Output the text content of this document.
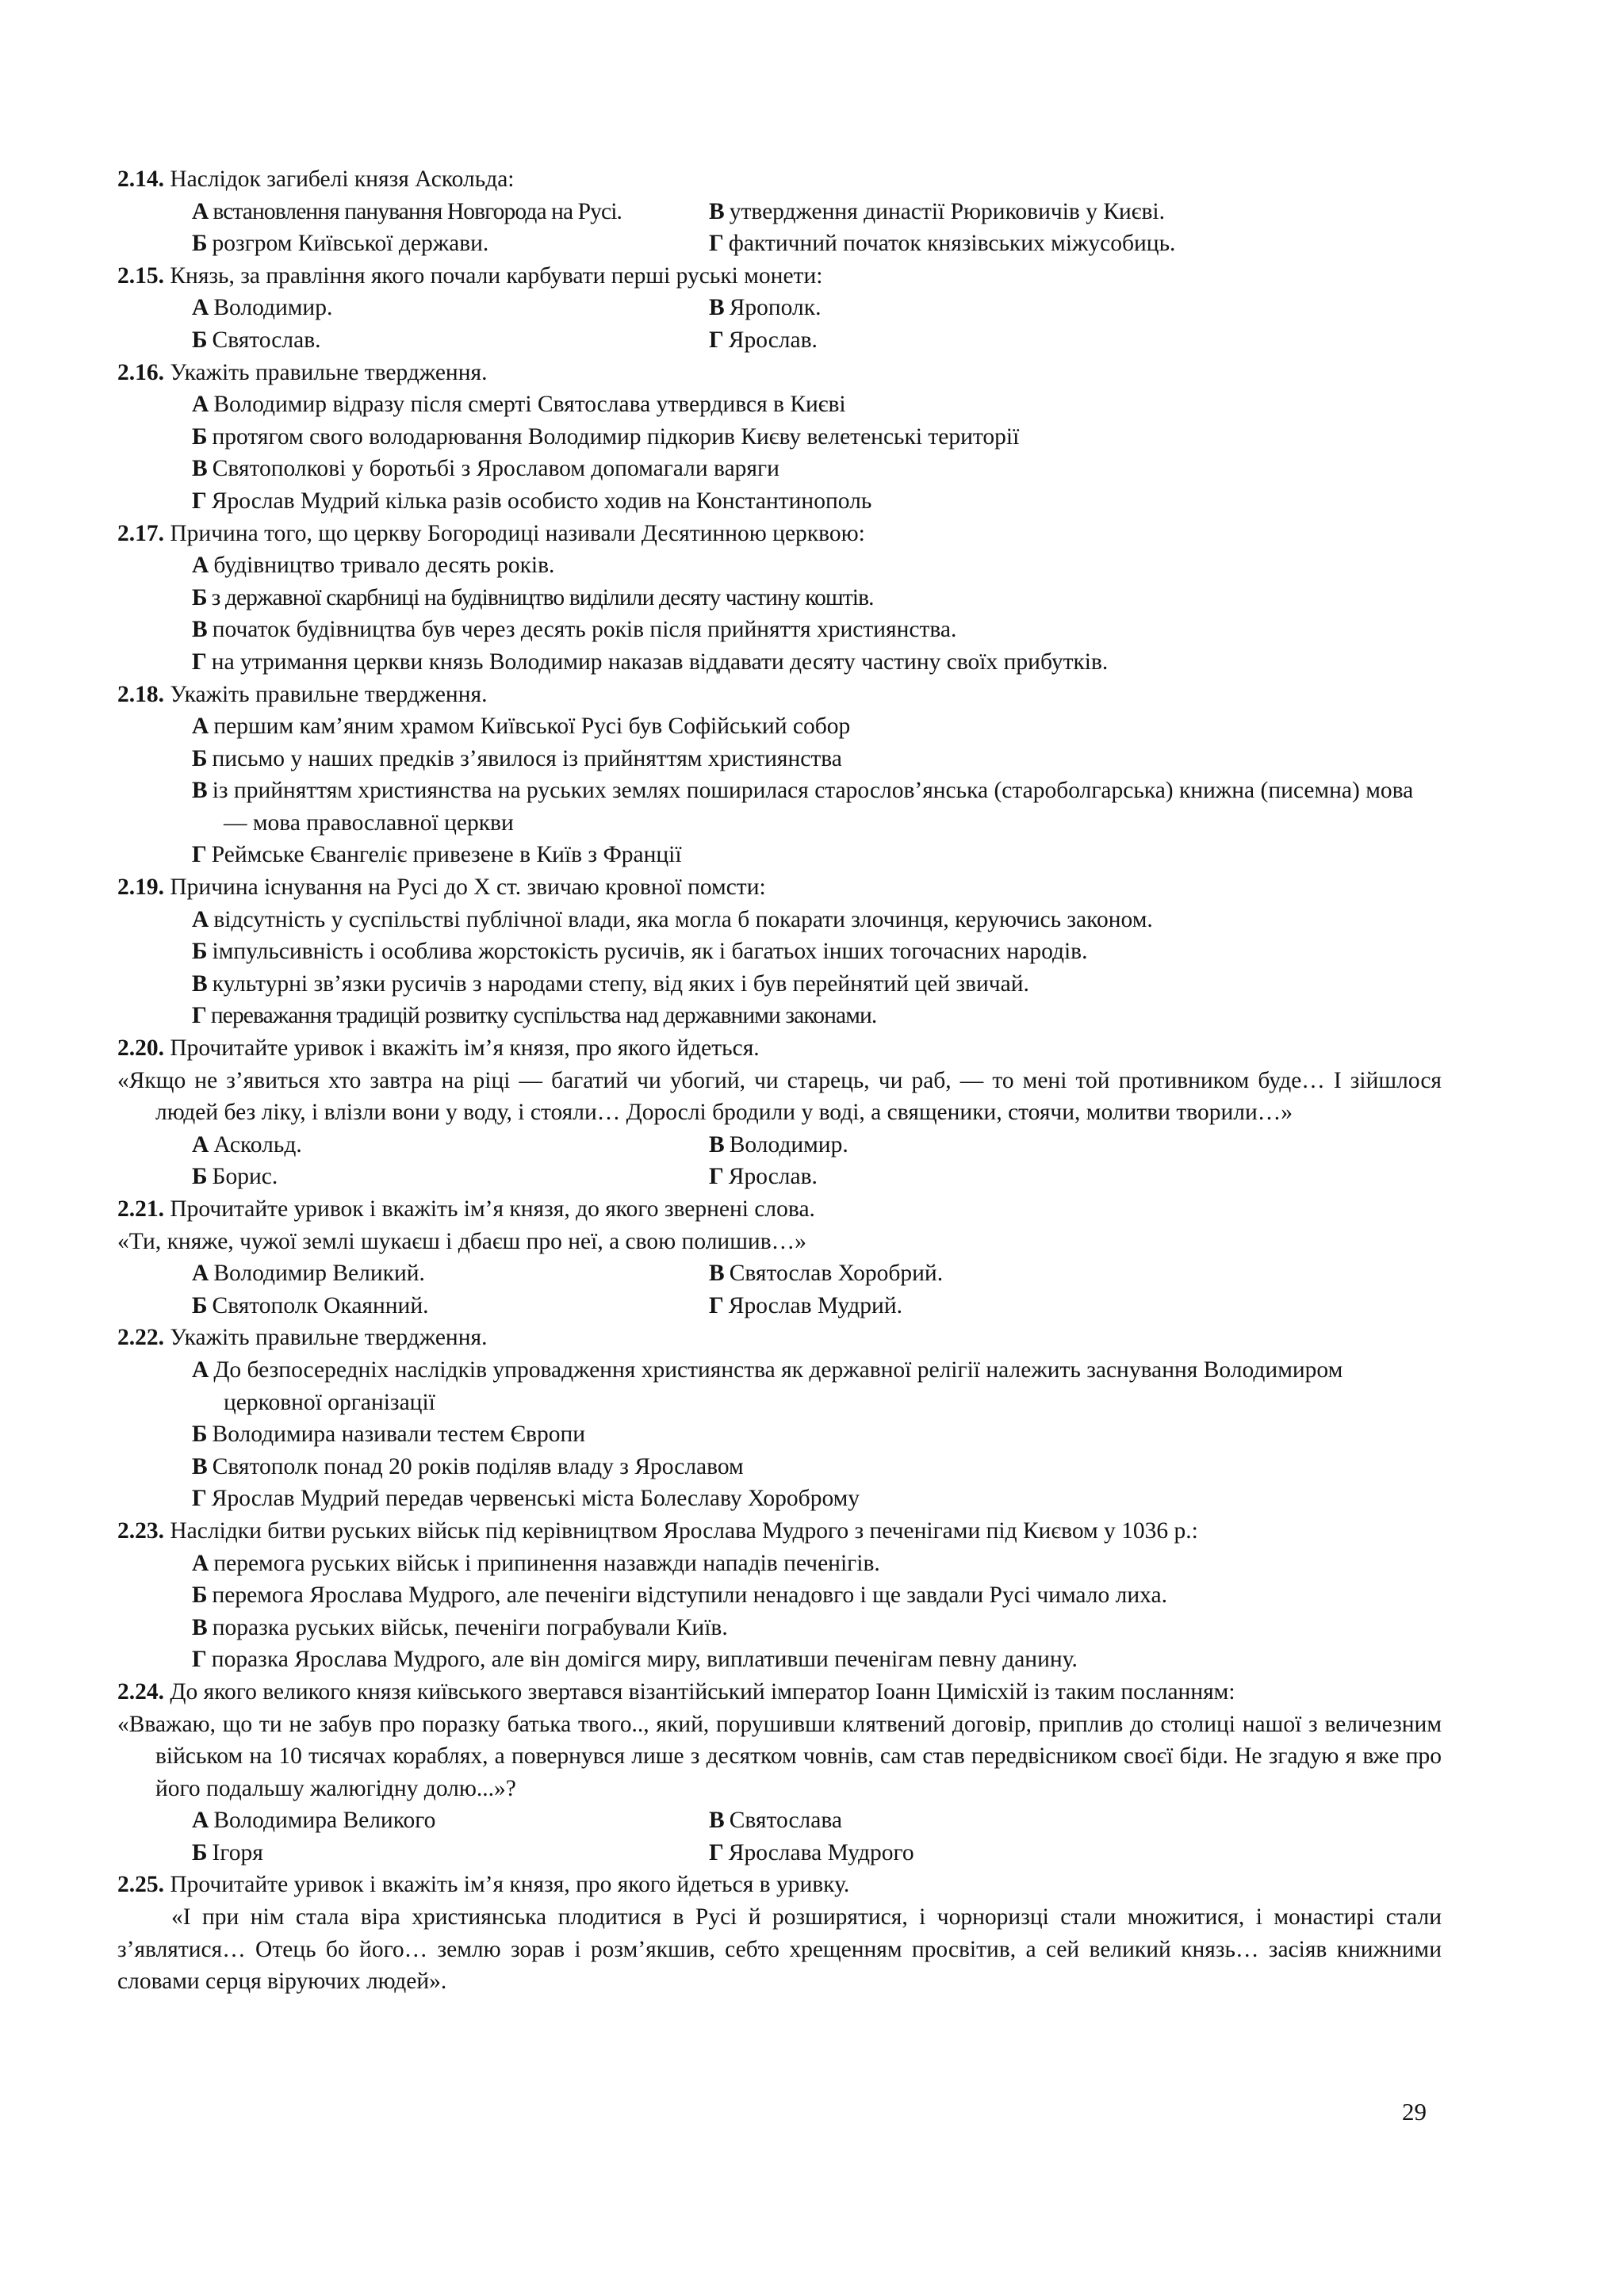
2.14. Наслідок загибелі князя Аскольда:
А встановлення панування Новгорода на Русі.	В утвердження династії Рюриковичів у Києві.
Б розгром Київської держави.	Г фактичний початок князівських міжусобиць.
2.15. Князь, за правління якого почали карбувати перші руські монети:
А Володимир.	В Ярополк.
Б Святослав.	Г Ярослав.
2.16. Укажіть правильне твердження.
А Володимир відразу після смерті Святослава утвердився в Києві
Б протягом свого володарювання Володимир підкорив Києву велетенські території
В Святополкові у боротьбі з Ярославом допомагали варяги
Г Ярослав Мудрий кілька разів особисто ходив на Константинополь
2.17. Причина того, що церкву Богородиці називали Десятинною церквою:
А будівництво тривало десять років.
Б з державної скарбниці на будівництво виділили десяту частину коштів.
В початок будівництва був через десять років після прийняття християнства.
Г на утримання церкви князь Володимир наказав віддавати десяту частину своїх прибутків.
2.18. Укажіть правильне твердження.
А першим кам’яним храмом Київської Русі був Софійський собор
Б письмо у наших предків з’явилося із прийняттям християнства
В із прийняттям християнства на руських землях поширилася старослов’янська (староболгарська) книжна (писемна) мова — мова православної церкви
Г Реймське Євангеліє привезене в Київ з Франції
2.19. Причина існування на Русі до X ст. звичаю кровної помсти:
А відсутність у суспільстві публічної влади, яка могла б покарати злочинця, керуючись законом.
Б імпульсивність і особлива жорстокість русичів, як і багатьох інших тогочасних народів.
В культурні зв’язки русичів з народами степу, від яких і був перейнятий цей звичай.
Г переважання традицій розвитку суспільства над державними законами.
2.20. Прочитайте уривок і вкажіть ім’я князя, про якого йдеться.
«Якщо не з’явиться хто завтра на ріці — багатий чи убогий, чи старець, чи раб, — то мені той противником буде… І зійшлося людей без ліку, і влізли вони у воду, і стояли… Дорослі бродили у воді, а священики, стоячи, молитви творили…»
А Аскольд.	В Володимир.
Б Борис.	Г Ярослав.
2.21. Прочитайте уривок і вкажіть ім’я князя, до якого звернені слова.
«Ти, княже, чужої землі шукаєш і дбаєш про неї, а свою полишив…»
А Володимир Великий.	В Святослав Хоробрий.
Б Святополк Окаянний.	Г Ярослав Мудрий.
2.22. Укажіть правильне твердження.
А До безпосередніх наслідків упровадження християнства як державної релігії належить заснування Володимиром церковної організації
Б Володимира називали тестем Європи
В Святополк понад 20 років поділяв владу з Ярославом
Г Ярослав Мудрий передав червенські міста Болеславу Хороброму
2.23. Наслідки битви руських військ під керівництвом Ярослава Мудрого з печенігами під Києвом у 1036 р.:
А перемога руських військ і припинення назавжди нападів печенігів.
Б перемога Ярослава Мудрого, але печеніги відступили ненадовго і ще завдали Русі чимало лиха.
В поразка руських військ, печеніги пограбували Київ.
Г поразка Ярослава Мудрого, але він домігся миру, виплативши печенігам певну данину.
2.24. До якого великого князя київського звертався візантійський імператор Іоанн Цимісхій із таким посланням:
«Вважаю, що ти не забув про поразку батька твого.., який, порушивши клятвений договір, приплив до столиці нашої з величезним військом на 10 тисячах кораблях, а повернувся лише з десятком човнів, сам став передвісником своєї біди. Не згадую я вже про його подальшу жалюгідну долю...»?
А Володимира Великого	В Святослава
Б Ігоря	Г Ярослава Мудрого
2.25. Прочитайте уривок і вкажіть ім’я князя, про якого йдеться в уривку.
«І при нім стала віра християнська плодитися в Русі й розширятися, і чорноризці стали множитися, і монастирі стали з’являтися… Отець бо його… землю зорав і розм’якшив, себто хрещенням просвітив, а сей великий князь… засіяв книжними словами серця віруючих людей».
29
